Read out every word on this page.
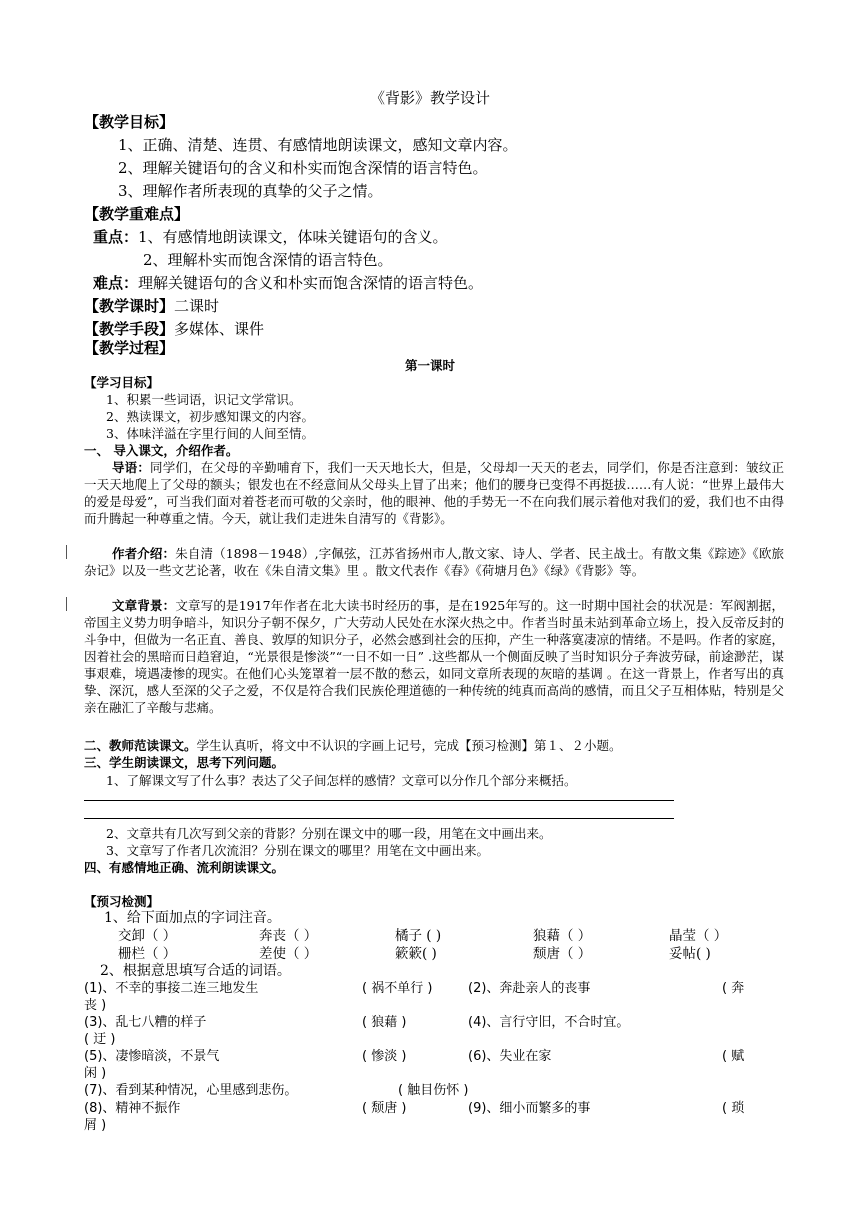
《背影》教学设计
【教学目标】
1、正确、清楚、连贯、有感情地朗读课文，感知文章内容。
2、理解关键语句的含义和朴实而饱含深情的语言特色。
3、理解作者所表现的真挚的父子之情。
【教学重难点】
重点：1、有感情地朗读课文，体味关键语句的含义。
2、理解朴实而饱含深情的语言特色。
难点：理解关键语句的含义和朴实而饱含深情的语言特色。
【教学课时】二课时
【教学手段】多媒体、课件
【教学过程】
第一课时
【学习目标】
1、积累一些词语，识记文学常识。
2、熟读课文，初步感知课文的内容。
3、体味洋溢在字里行间的人间至情。
一、 导入课文，介绍作者。
导语：同学们，在父母的辛勤哺育下，我们一天天地长大，但是，父母却一天天的老去，同学们，你是否注意到：皱纹正一天天地爬上了父母的额头；银发也在不经意间从父母头上冒了出来；他们的腰身已变得不再挺拔……有人说：“世界上最伟大的爱是母爱”，可当我们面对着苍老而可敬的父亲时，他的眼神、他的手势无一不在向我们展示着他对我们的爱，我们也不由得而升腾起一种尊重之情。今天，就让我们走进朱自清写的《背影》。
作者介绍：朱自清（1898－1948）,字佩弦，江苏省扬州市人,散文家、诗人、学者、民主战士。有散文集《踪迹》《欧旅杂记》以及一些文艺论著，收在《朱自清文集》里 。散文代表作《春》《荷塘月色》《绿》《背影》等。
文章背景：文章写的是1917年作者在北大读书时经历的事，是在1925年写的。这一时期中国社会的状况是：军阀割据，帝国主义势力明争暗斗，知识分子朝不保夕，广大劳动人民处在水深火热之中。作者当时虽未站到革命立场上，投入反帝反封的斗争中，但做为一名正直、善良、敦厚的知识分子，必然会感到社会的压抑，产生一种落寞凄凉的情绪。不是吗。作者的家庭，因着社会的黑暗而日趋窘迫，“光景很是惨淡”“一日不如一日” .这些都从一个侧面反映了当时知识分子奔波劳碌，前途渺茫，谋事艰难，境遇凄惨的现实。在他们心头笼罩着一层不散的愁云，如同文章所表现的灰暗的基调 。在这一背景上，作者写出的真挚、深沉，感人至深的父子之爱，不仅是符合我们民族伦理道德的一种传统的纯真而高尚的感情，而且父子互相体贴，特别是父亲在融汇了辛酸与悲痛。
二、教师范读课文。学生认真听，将文中不认识的字画上记号，完成【预习检测】第１、２小题。
三、学生朗读课文，思考下列问题。
1、了解课文写了什么事？表达了父子间怎样的感情？文章可以分作几个部分来概括。
2、文章共有几次写到父亲的背影？分别在课文中的哪一段，用笔在文中画出来。
3、文章写了作者几次流泪？分别在课文的哪里？用笔在文中画出来。
四、有感情地正确、流利朗读课文。
【预习检测】
1、给下面加点的字词注音。
交卸（ ）	奔丧（ ）	橘子 ( )	狼藉（ ）	晶莹（ ）
栅栏（ ）	差使（ ）	簌簌( )	颓唐（ ）	妥帖( )
2、根据意思填写合适的词语。
(1)、不幸的事接二连三地发生	( 祸不单行 )	(2)、奔赴亲人的丧事	( 奔
丧 )
(3)、乱七八糟的样子	( 狼藉 )	(4)、言行守旧，不合时宜。
( 迂 )
(5)、凄惨暗淡，不景气	( 惨淡 )	(6)、失业在家	( 赋
闲 )
(7)、看到某种情况，心里感到悲伤。	( 触目伤怀 )
(8)、精神不振作	( 颓唐 )	(9)、细小而繁多的事	( 琐
屑 )
